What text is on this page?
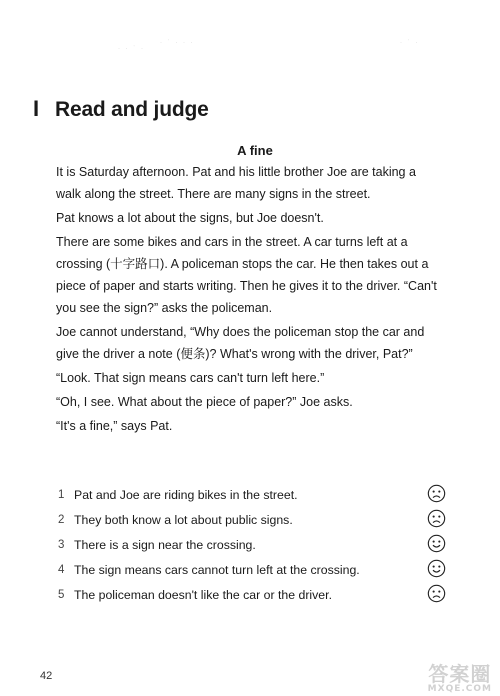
· · ˙ ·
· ˙ · · ·	· ˙ ·
I Read and judge
A fine

It is Saturday afternoon. Pat and his little brother Joe are taking a walk along the street. There are many signs in the street.

Pat knows a lot about the signs, but Joe doesn't.

There are some bikes and cars in the street. A car turns left at a crossing (十字路口). A policeman stops the car. He then takes out a piece of paper and starts writing. Then he gives it to the driver. “Can't you see the sign?” asks the policeman.

Joe cannot understand, “Why does the policeman stop the car and give the driver a note (便条)? What's wrong with the driver, Pat?”

“Look. That sign means cars can't turn left here.”

“Oh, I see. What about the piece of paper?” Joe asks.

“It's a fine,” says Pat.

1 Pat and Joe are riding bikes in the street.
2 They both know a lot about public signs.
3 There is a sign near the crossing.
4 The sign means cars cannot turn left at the crossing.
5 The policeman doesn't like the car or the driver.
42	答案圈
MXQE.COM
